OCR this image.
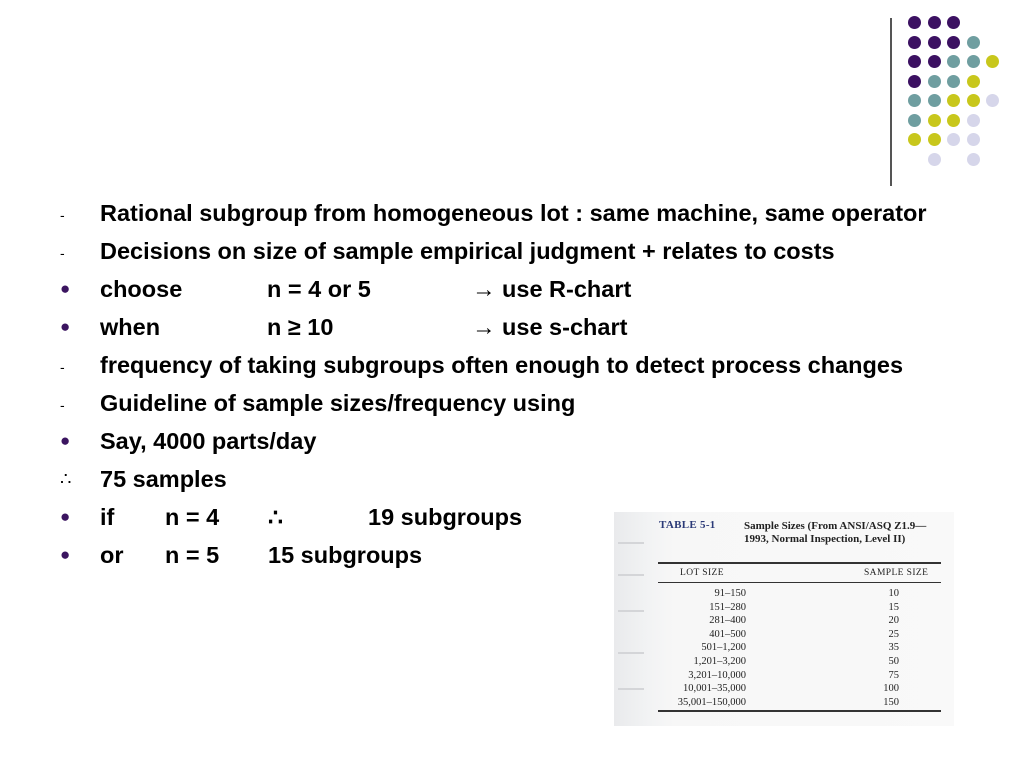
-	Rational subgroup from homogeneous lot : same machine, same operator
-	Decisions on size of sample empirical judgment + relates to costs
●	choose	n = 4 or 5	→ use R-chart
●	when	n ≥ 10	→ use s-chart
-	frequency of taking subgroups often enough to detect process changes
-	Guideline of sample sizes/frequency using
●	Say, 4000 parts/day
∴	75 samples
●	if	n = 4	∴	19 subgroups
●	or	n = 5	15 subgroups
TABLE 5-1	Sample Sizes (From ANSI/ASQ Z1.9—1993, Normal Inspection, Level II)
LOT SIZE	SAMPLE SIZE
91–150	10
151–280	15
281–400	20
401–500	25
501–1,200	35
1,201–3,200	50
3,201–10,000	75
10,001–35,000	100
35,001–150,000	150
